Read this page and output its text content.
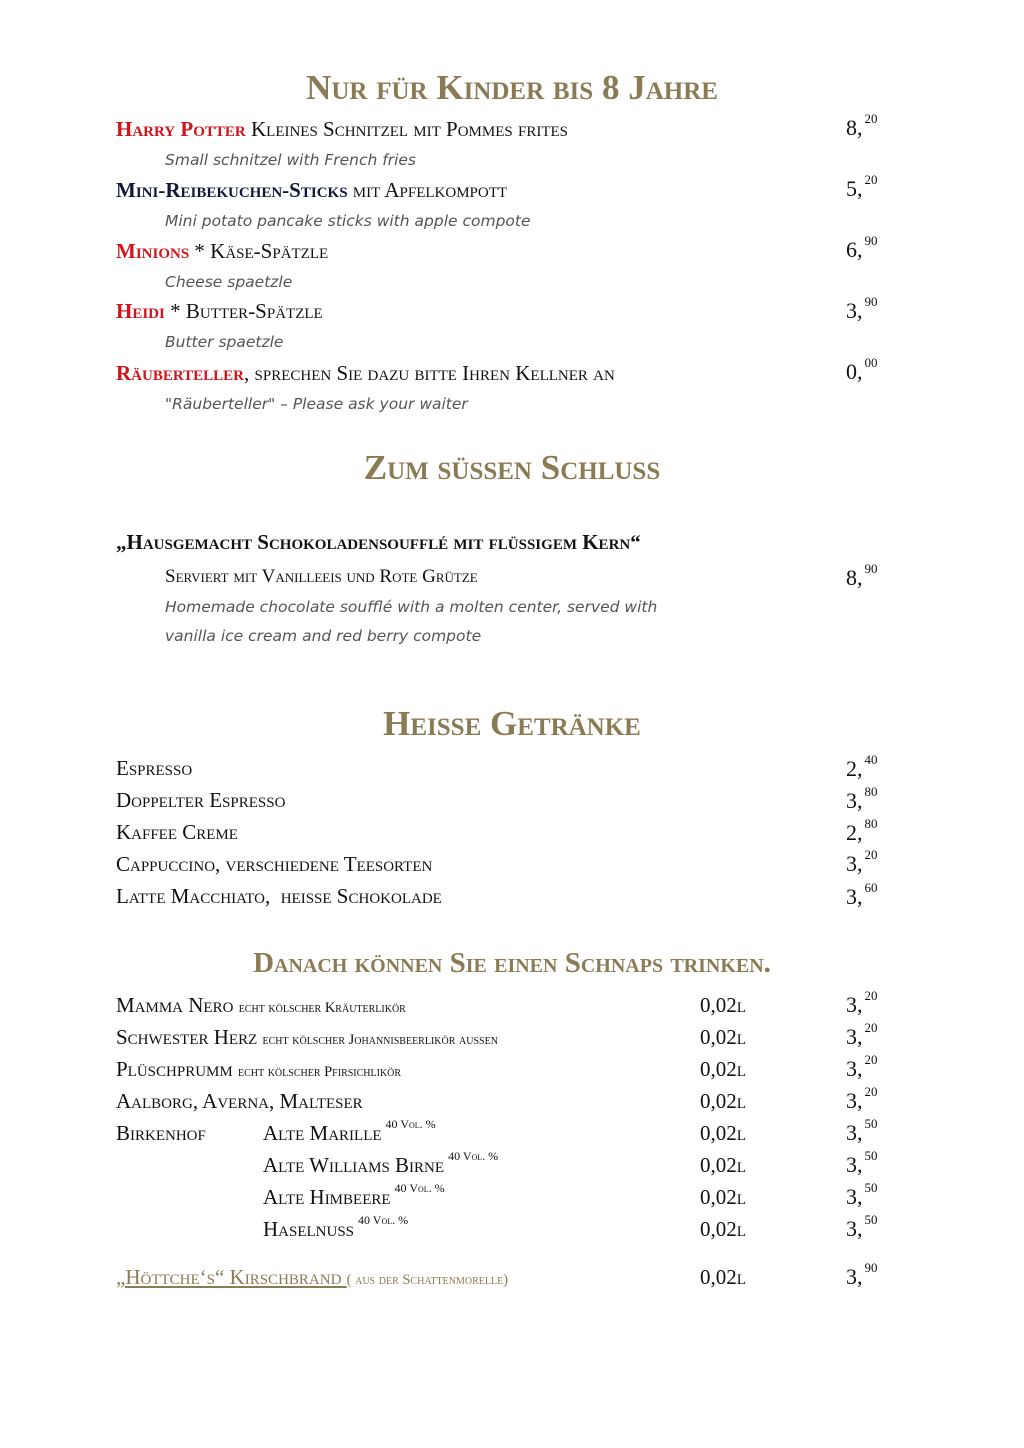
Nur für Kinder bis 8 Jahre
Harry Potter Kleines Schnitzel mit Pommes frites	8, $^{20}$

Small schnitzel with French fries

Mini-Reibekuchen-Sticks mit Apfelkompott	5, $^{20}$

Mini potato pancake sticks with apple compote

Minions * Käse-Spätzle	6, $^{90}$

Cheese spaetzle

Heidi * Butter-Spätzle	3, $^{90}$

Butter spaetzle

Räuberteller, sprechen Sie dazu bitte Ihren Kellner an	0, $^{00}$

"Räuberteller" – Please ask your waiter

Zum süßen Schluss
„Hausgemacht Schokoladensoufflé mit flüssigem Kern“
Serviert mit Vanilleeis und Rote Grütze	8, $^{90}$

Homemade chocolate soufflé with a molten center, served with

vanilla ice cream and red berry compote

Heiße Getränke
Espresso	2, $^{40}$
Doppelter Espresso	3, $^{80}$
Kaffee Creme	2, $^{80}$
Cappuccino, verschiedene Teesorten	3, $^{20}$
Latte Macchiato,  heiße Schokolade	3, $^{60}$
Danach können Sie einen Schnaps trinken.
Mamma Nero echt kölscher Kräuterlikör	0,02l	3, $^{20}$
Schwester Herz echt kölscher Johannisbeerlikör aussen	0,02l	3, $^{20}$
Plüschprumm echt kölscher Pfirsichlikör	0,02l	3, $^{20}$
Aalborg, Averna, Malteser	0,02l	3, $^{20}$
Birkenhof	Alte Marille $^{40 Vol. \%}$	0,02l	3, $^{50}$
Alte Williams Birne $^{40 Vol. \%}$	0,02l	3, $^{50}$
Alte Himbeere $^{40 Vol. \%}$	0,02l	3, $^{50}$
Haselnuss $^{40 Vol. \%}$	0,02l	3, $^{50}$
„Höttche‘s“ Kirschbrand ( aus der Schattenmorelle)	0,02l	3, $^{90}$
